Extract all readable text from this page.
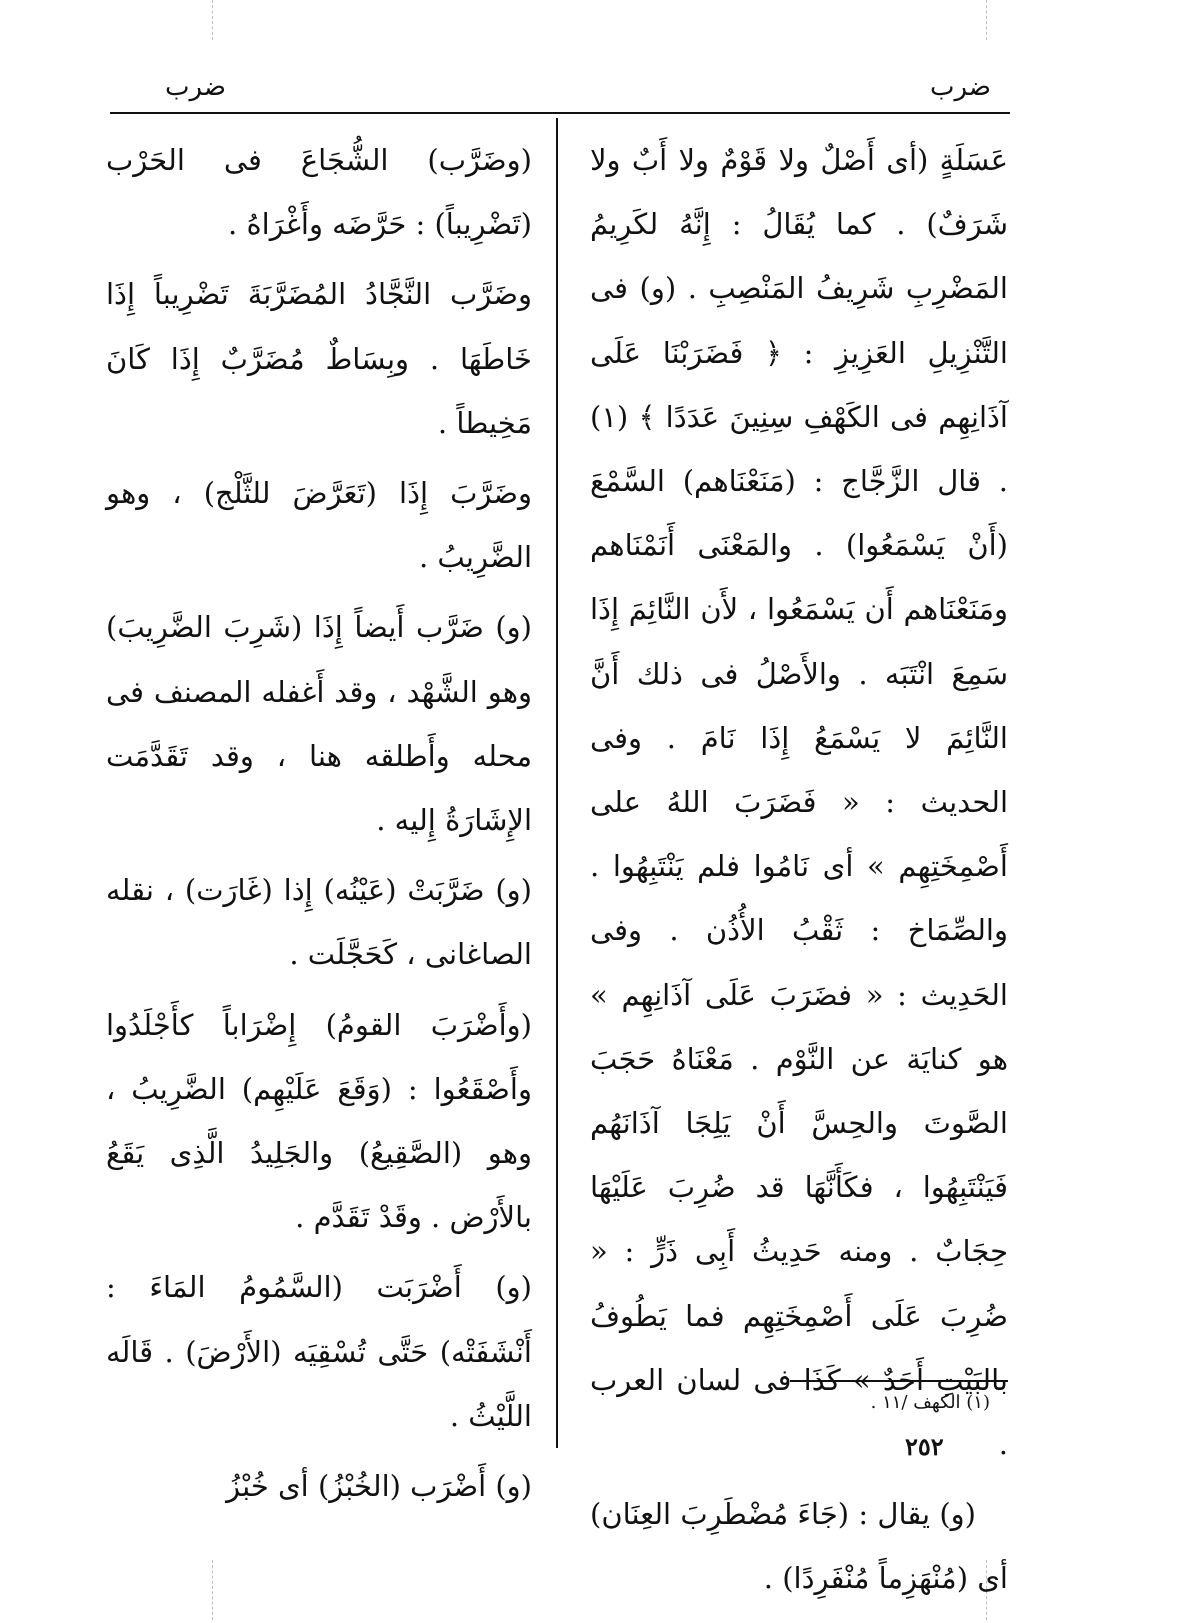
ضرب	ضرب

عَسَلَةٍ (أى أَصْلٌ ولا قَوْمٌ ولا أَبٌ ولا شَرَفٌ) . كما يُقَالُ : إِنَّهُ لكَرِيمُ المَضْرِبِ شَرِيفُ المَنْصِبِ . (و) فى التَّنْزِيلِ العَزِيزِ : ﴿ فَضَرَبْنَا عَلَى آذَانِهِم فى الكَهْفِ سِنِينَ عَدَدًا ﴾ (١) . قال الزَّجَّاج : (مَنَعْنَاهم) السَّمْعَ (أَنْ يَسْمَعُوا) . والمَعْنَى أَنَمْنَاهم ومَنَعْنَاهم أَن يَسْمَعُوا ، لأَن النَّائِمَ إِذَا سَمِعَ انْتَبَه . والأَصْلُ فى ذلك أَنَّ النَّائِمَ لا يَسْمَعُ إِذَا نَامَ . وفى الحديث : « فَضَرَبَ اللهُ على أَصْمِخَتِهِم » أى نَامُوا فلم يَنْتَبِهُوا . والصِّمَاخ : ثَقْبُ الأُذُن . وفى الحَدِيث : « فضَرَبَ عَلَى آذَانِهِم » هو كنايَة عن النَّوْم . مَعْنَاهُ حَجَبَ الصَّوتَ والحِسَّ أَنْ يَلِجَا آذَانَهُم فَيَنْتَبِهُوا ، فكَأَنَّهَا قد ضُرِبَ عَلَيْهَا حِجَابٌ . ومنه حَدِيثُ أَبِى ذَرٍّ : « ضُرِبَ عَلَى أَصْمِخَتِهِم فما يَطُوفُ بالبَيْتِ أَحَدٌ » كَذَا فى لسان العرب .

(و) يقال : (جَاءَ مُضْطَرِبَ العِنَان) أى (مُنْهَزِماً مُنْفَرِدًا) .

(وضَرَّب) الشُّجَاعَ فى الحَرْب (تَضْرِيباً) : حَرَّضَه وأَغْرَاهُ .

وضَرَّب النَّجَّادُ المُضَرَّبَةَ تَضْرِيباً إِذَا خَاطَهَا . وبِسَاطٌ مُضَرَّبٌ إِذَا كَانَ مَخِيطاً .

وضَرَّبَ إِذَا (تَعَرَّضَ للثَّلْج) ، وهو الضَّرِيبُ .

(و) ضَرَّب أَيضاً إِذَا (شَرِبَ الضَّرِيبَ) وهو الشَّهْد ، وقد أَغفله المصنف فى محله وأَطلقه هنا ، وقد تَقَدَّمَت الإِشَارَةُ إِليه .

(و) ضَرَّبَتْ (عَيْنُه) إِذا (غَارَت) ، نقله الصاغانى ، كَحَجَّلَت .

(وأَضْرَبَ القومُ) إِضْرَاباً كأَجْلَدُوا وأَصْقَعُوا : (وَقَعَ عَلَيْهِم) الضَّرِيبُ ، وهو (الصَّقِيعُ) والجَلِيدُ الَّذِى يَقَعُ بالأَرْض . وقَدْ تَقَدَّم .

(و) أَضْرَبَت (السَّمُومُ المَاءَ : أَنْشَفَتْه) حَتَّى تُسْقِيَه (الأَرْضَ) . قَالَه اللَّيْثُ .

(و) أَضْرَب (الخُبْزُ) أى خُبْزُ

(١) الكهف /١١ .
٢٥٢
